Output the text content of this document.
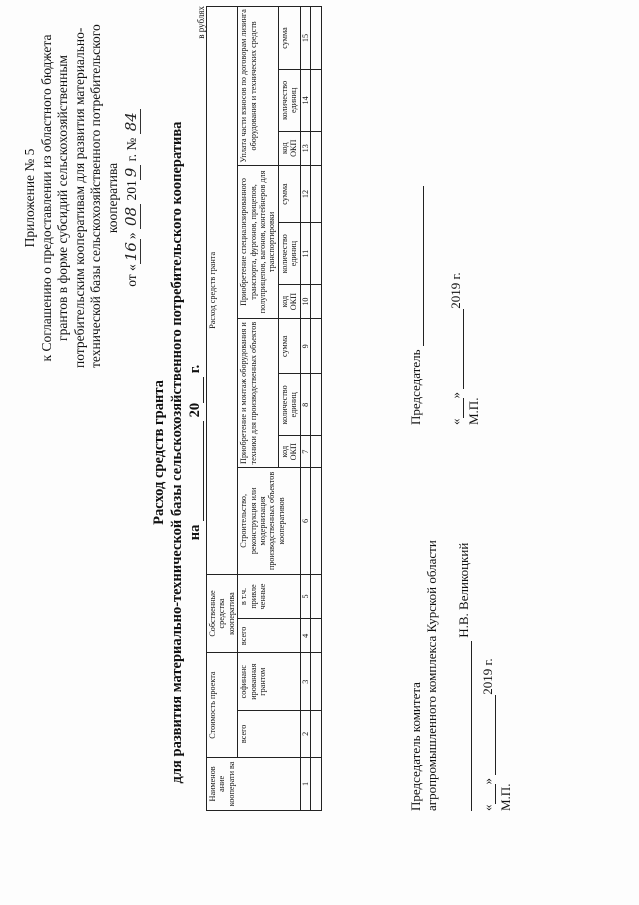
Приложение № 5 к Соглашению о предоставлении из областного бюджета грантов в форме субсидий сельскохозяйственным потребительским кооперативам для развития материально- технической базы сельскохозяйственного потребительского кооператива
от «16» 08 2019 г. № 84
Расход средств гранта для развития материально-технической базы сельскохозяйственного потребительского кооператива на  20 г.
в рублях
Наименов ание кооперати ва	Стоимость проекта		Собственные средства кооператива		Расход средств гранта									
	всего	софинанс ированная грантом	всего	в т.ч. привле ченные	Строительство, реконструкция или модернизация производственных объектов кооперативов	Приобретение и монтаж оборудования и техники для производственных объектов			Приобретение специализированного транспорта, фургонов, прицепов, полуприцепов, вагонов, контейнеров для транспортировки			Уплата части взносов по договорам лизинга оборудования и технических средств		
						код ОКП	количество единиц	сумма	код ОКП	количество единиц	сумма	код ОКП	количество единиц	сумма
1	2	3	4	5	6	7	8	9	10	11	12	13	14	15

Председатель комитета агропромышленного комплекса Курской области Н.В. Великоцкий
«» 2019 г.
М.П.
Председатель «» 2019 г.
М.П.
